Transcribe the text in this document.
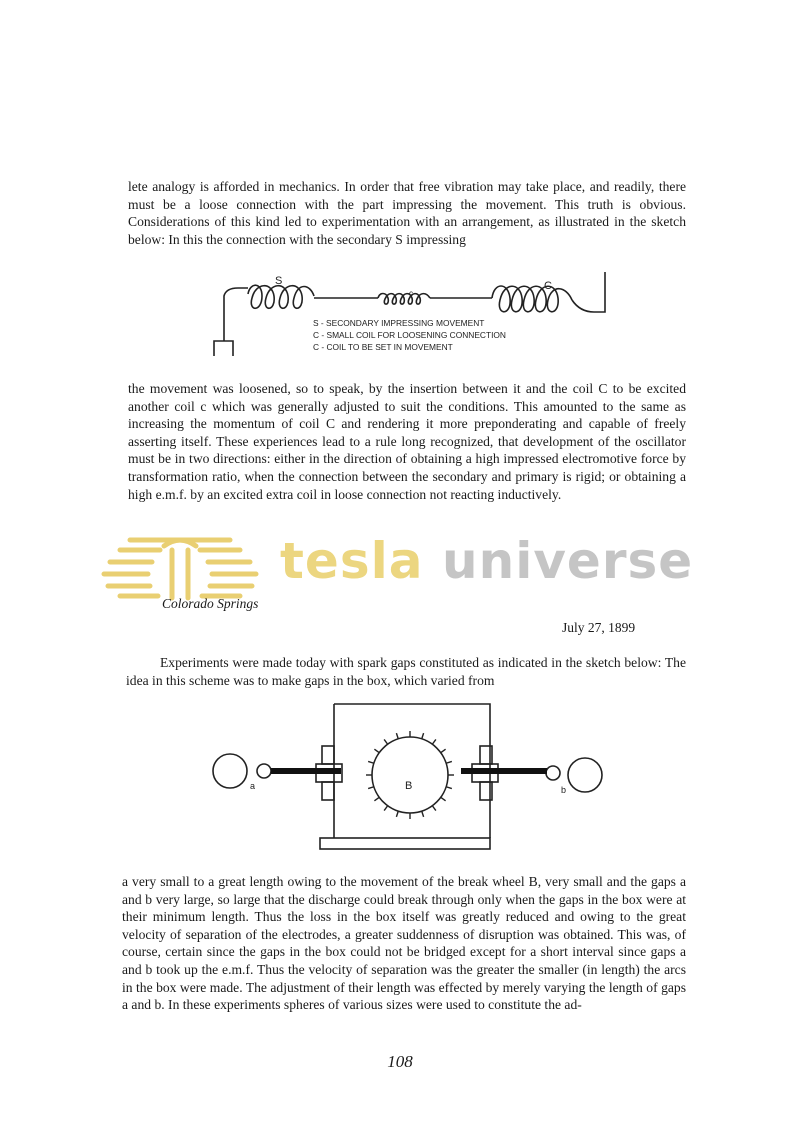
lete analogy is afforded in mechanics. In order that free vibration may take place, and readily, there must be a loose connection with the part impressing the movement. This truth is obvious. Considerations of this kind led to experimentation with an arrangement, as illustrated in the sketch below: In this the connection with the secondary S impressing
S
c
C
S - SECONDARY IMPRESSING MOVEMENT
C - SMALL COIL FOR LOOSENING CONNECTION
C - COIL TO BE SET IN MOVEMENT
the movement was loosened, so to speak, by the insertion between it and the coil C to be excited another coil c which was generally adjusted to suit the conditions. This amounted to the same as increasing the momentum of coil C and rendering it more preponderating and capable of freely asserting itself. These experiences lead to a rule long recognized, that development of the oscillator must be in two directions: either in the direction of obtaining a high impressed electromotive force by transformation ratio, when the connection between the secondary and primary is rigid; or obtaining a high e.m.f. by an excited extra coil in loose connection not reacting inductively.
tesla universe
Colorado Springs
July 27, 1899
Experiments were made today with spark gaps constituted as indicated in the sketch below: The idea in this scheme was to make gaps in the box, which varied from
a	B	b
a very small to a great length owing to the movement of the break wheel B, very small and the gaps a and b very large, so large that the discharge could break through only when the gaps in the box were at their minimum length. Thus the loss in the box itself was greatly reduced and owing to the great velocity of separation of the electrodes, a greater suddenness of disruption was obtained. This was, of course, certain since the gaps in the box could not be bridged except for a short interval since gaps a and b took up the e.m.f. Thus the velocity of separation was the greater the smaller (in length) the arcs in the box were made. The adjustment of their length was effected by merely varying the length of gaps a and b. In these experiments spheres of various sizes were used to constitute the ad-
108
